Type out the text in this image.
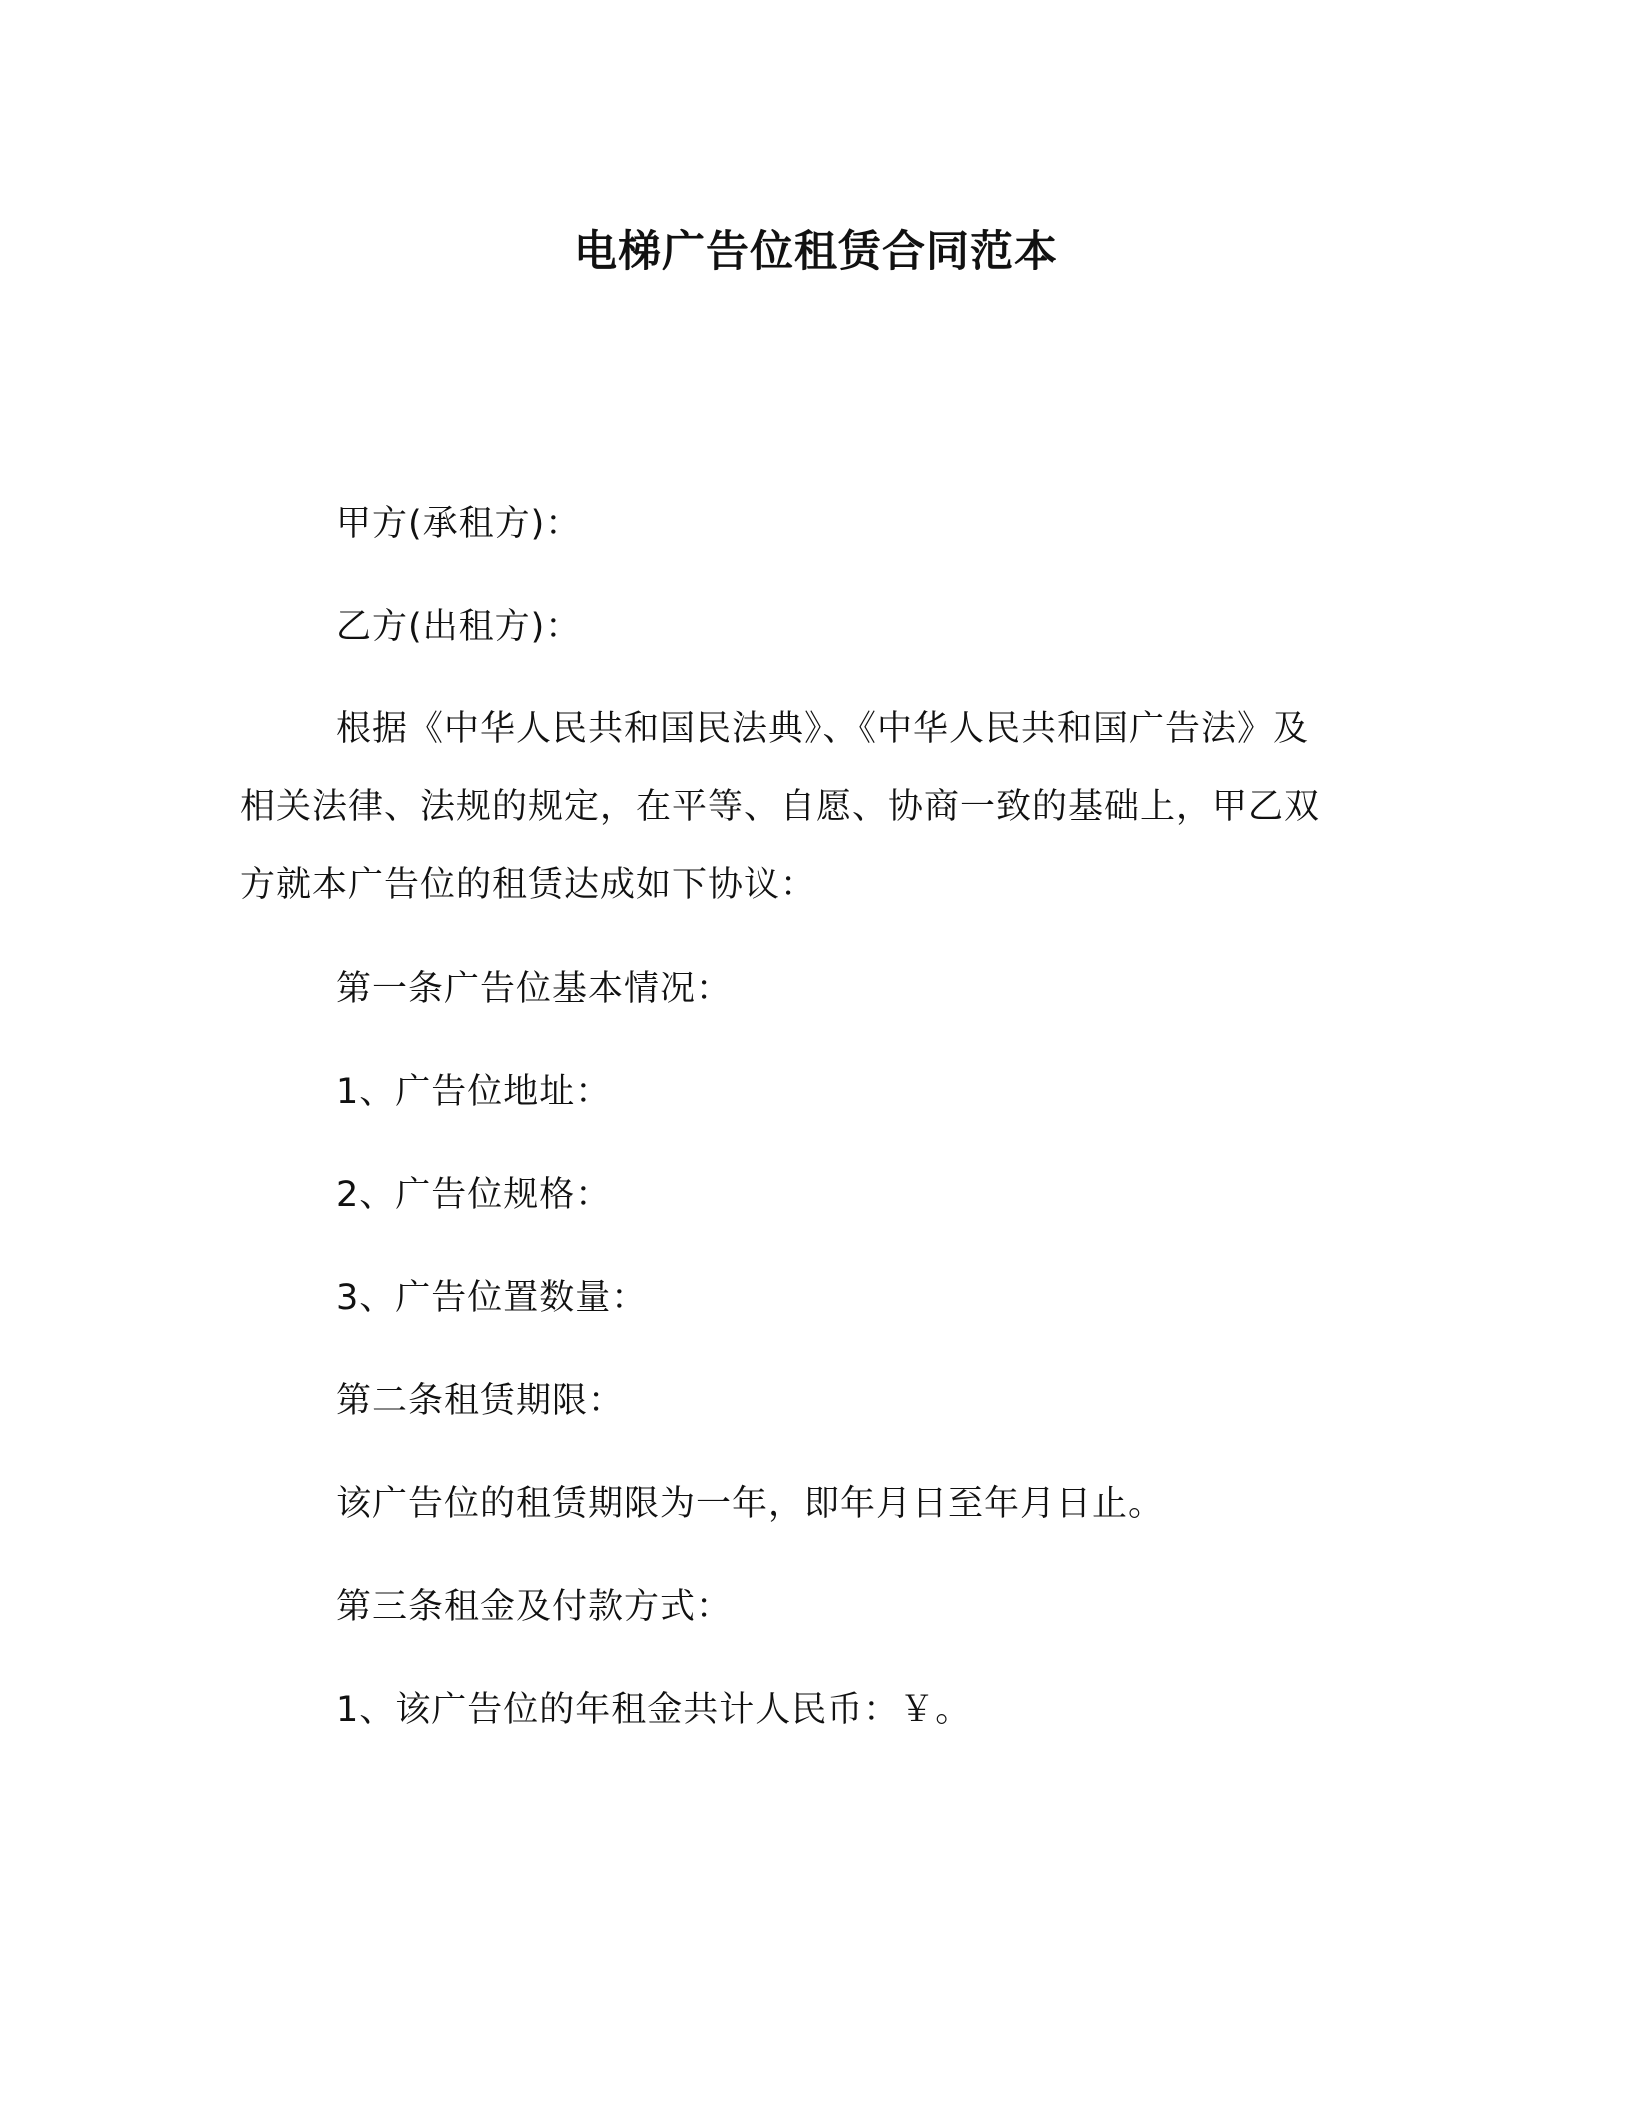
电梯广告位租赁合同范本

甲方(承租方)：

乙方(出租方)：

根据《中华人民共和国民法典》、《中华人民共和国广告法》及
相关法律、法规的规定，在平等、自愿、协商一致的基础上，甲乙双
方就本广告位的租赁达成如下协议：

第一条广告位基本情况：

1、广告位地址：

2、广告位规格：

3、广告位置数量：

第二条租赁期限：

该广告位的租赁期限为一年，即年月日至年月日止。

第三条租金及付款方式：

1、该广告位的年租金共计人民币：￥。
